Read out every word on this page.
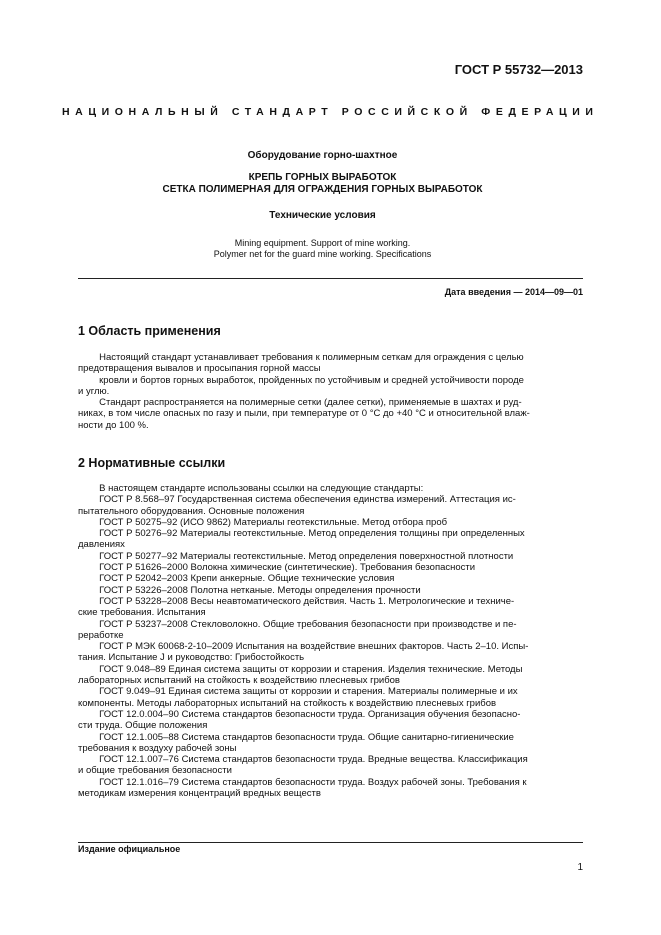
ГОСТ Р 55732—2013
НАЦИОНАЛЬНЫЙ СТАНДАРТ РОССИЙСКОЙ ФЕДЕРАЦИИ
Оборудование горно-шахтное
КРЕПЬ ГОРНЫХ ВЫРАБОТОК
СЕТКА ПОЛИМЕРНАЯ ДЛЯ ОГРАЖДЕНИЯ ГОРНЫХ ВЫРАБОТОК
Технические условия
Mining equipment. Support of mine working.
Polymer net for the guard mine working. Specifications
Дата введения — 2014—09—01
1 Область применения
Настоящий стандарт устанавливает требования к полимерным сеткам для ограждения с целью
предотвращения вывалов и просыпания горной массы
кровли и бортов горных выработок, пройденных по устойчивым и средней устойчивости породе
и углю.
Стандарт распространяется на полимерные сетки (далее сетки), применяемые в шахтах и руд-
никах, в том числе опасных по газу и пыли, при температуре от 0 °С до +40 °С и относительной влаж-
ности до 100 %.
2 Нормативные ссылки
В настоящем стандарте использованы ссылки на следующие стандарты:
ГОСТ Р 8.568–97 Государственная система обеспечения единства измерений. Аттестация ис-
пытательного оборудования. Основные положения
ГОСТ Р 50275–92 (ИСО 9862) Материалы геотекстильные. Метод отбора проб
ГОСТ Р 50276–92 Материалы геотекстильные. Метод определения толщины при определенных
давлениях
ГОСТ Р 50277–92 Материалы геотекстильные. Метод определения поверхностной плотности
ГОСТ Р 51626–2000 Волокна химические (синтетические). Требования безопасности
ГОСТ Р 52042–2003 Крепи анкерные. Общие технические условия
ГОСТ Р 53226–2008 Полотна нетканые. Методы определения прочности
ГОСТ Р 53228–2008 Весы неавтоматического действия. Часть 1. Метрологические и техниче-
ские требования. Испытания
ГОСТ Р 53237–2008 Стекловолокно. Общие требования безопасности при производстве и пе-
реработке
ГОСТ Р МЭК 60068-2-10–2009 Испытания на воздействие внешних факторов. Часть 2–10. Испы-
тания. Испытание J и руководство: Грибостойкость
ГОСТ 9.048–89 Единая система защиты от коррозии и старения. Изделия технические. Методы
лабораторных испытаний на стойкость к воздействию плесневых грибов
ГОСТ 9.049–91 Единая система защиты от коррозии и старения. Материалы полимерные и их
компоненты. Методы лабораторных испытаний на стойкость к воздействию плесневых грибов
ГОСТ 12.0.004–90 Система стандартов безопасности труда. Организация обучения безопасно-
сти труда. Общие положения
ГОСТ 12.1.005–88 Система стандартов безопасности труда. Общие санитарно-гигиенические
требования к воздуху рабочей зоны
ГОСТ 12.1.007–76 Система стандартов безопасности труда. Вредные вещества. Классификация
и общие требования безопасности
ГОСТ 12.1.016–79 Система стандартов безопасности труда. Воздух рабочей зоны. Требования к
методикам измерения концентраций вредных веществ
Издание официальное
1
